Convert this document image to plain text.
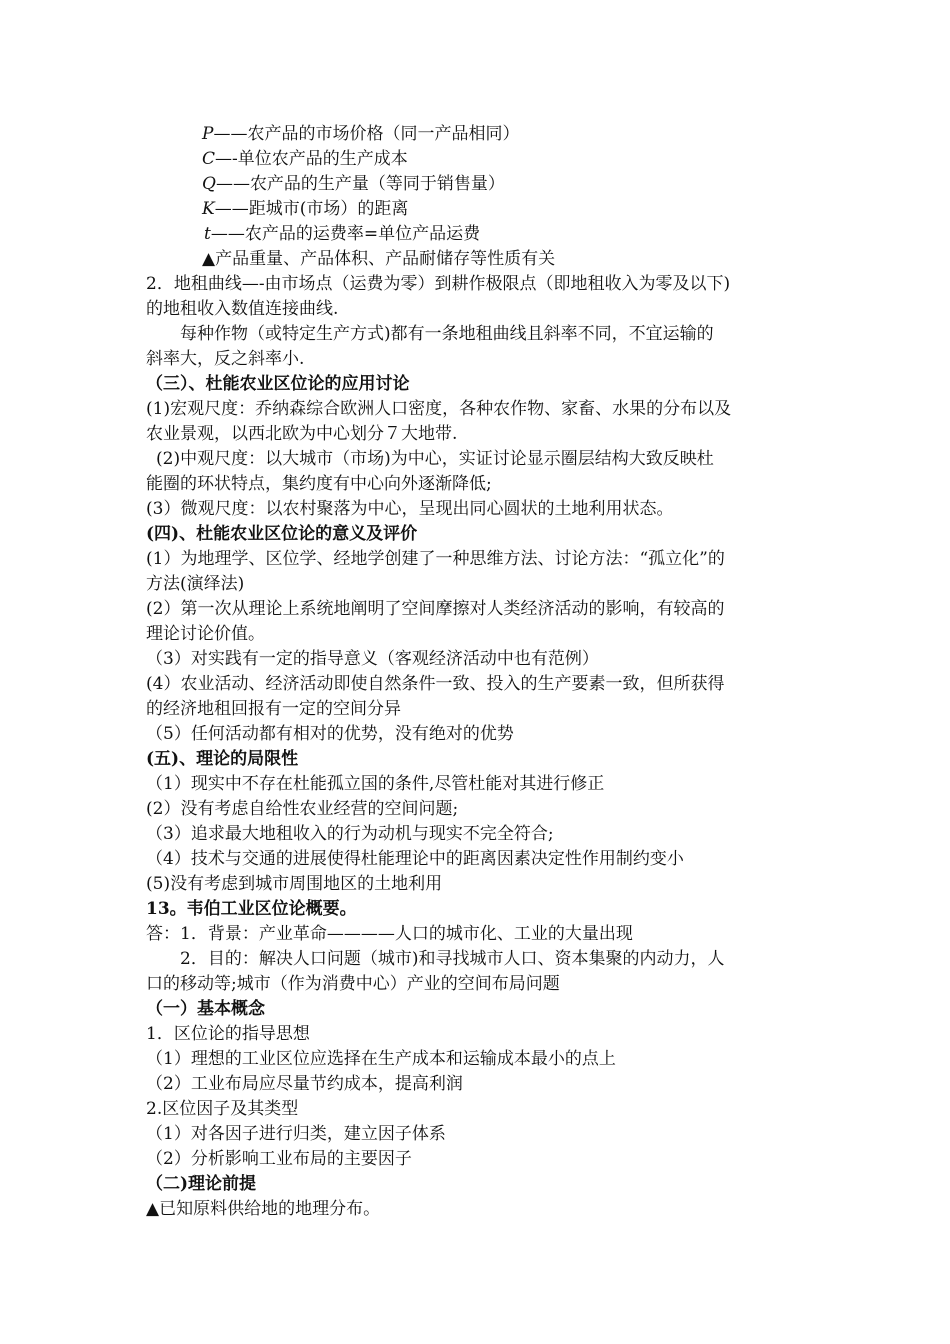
P——农产品的市场价格（同一产品相同）
C—-单位农产品的生产成本
Q——农产品的生产量（等同于销售量）
K——距城市(市场）的距离
t——农产品的运费率=单位产品运费
▲产品重量、产品体积、产品耐储存等性质有关
2．地租曲线—-由市场点（运费为零）到耕作极限点（即地租收入为零及以下)
的地租收入数值连接曲线.
每种作物（或特定生产方式)都有一条地租曲线且斜率不同，不宜运输的
斜率大，反之斜率小.
（三）、杜能农业区位论的应用讨论
(1)宏观尺度：乔纳森综合欧洲人口密度，各种农作物、家畜、水果的分布以及
农业景观，以西北欧为中心划分７大地带.
(2)中观尺度：以大城市（市场)为中心，实证讨论显示圈层结构大致反映杜
能圈的环状特点，集约度有中心向外逐渐降低;
(3）微观尺度：以农村聚落为中心，呈现出同心圆状的土地利用状态。
(四)、杜能农业区位论的意义及评价
(1）为地理学、区位学、经地学创建了一种思维方法、讨论方法：“孤立化”的
方法(演绎法)
(2）第一次从理论上系统地阐明了空间摩擦对人类经济活动的影响，有较高的
理论讨论价值。
（3）对实践有一定的指导意义（客观经济活动中也有范例）
(4）农业活动、经济活动即使自然条件一致、投入的生产要素一致，但所获得
的经济地租回报有一定的空间分异
（5）任何活动都有相对的优势，没有绝对的优势
(五)、理论的局限性
（1）现实中不存在杜能孤立国的条件,尽管杜能对其进行修正
(2）没有考虑自给性农业经营的空间问题;
（3）追求最大地租收入的行为动机与现实不完全符合;
（4）技术与交通的进展使得杜能理论中的距离因素决定性作用制约变小
(5)没有考虑到城市周围地区的土地利用
13。韦伯工业区位论概要。
答：1．背景：产业革命————人口的城市化、工业的大量出现
2．目的：解决人口问题（城市)和寻找城市人口、资本集聚的内动力，人
口的移动等;城市（作为消费中心）产业的空间布局问题
（一）基本概念
1．区位论的指导思想
（1）理想的工业区位应选择在生产成本和运输成本最小的点上
（2）工业布局应尽量节约成本，提高利润
2.区位因子及其类型
（1）对各因子进行归类，建立因子体系
（2）分析影响工业布局的主要因子
（二)理论前提
▲已知原料供给地的地理分布。
